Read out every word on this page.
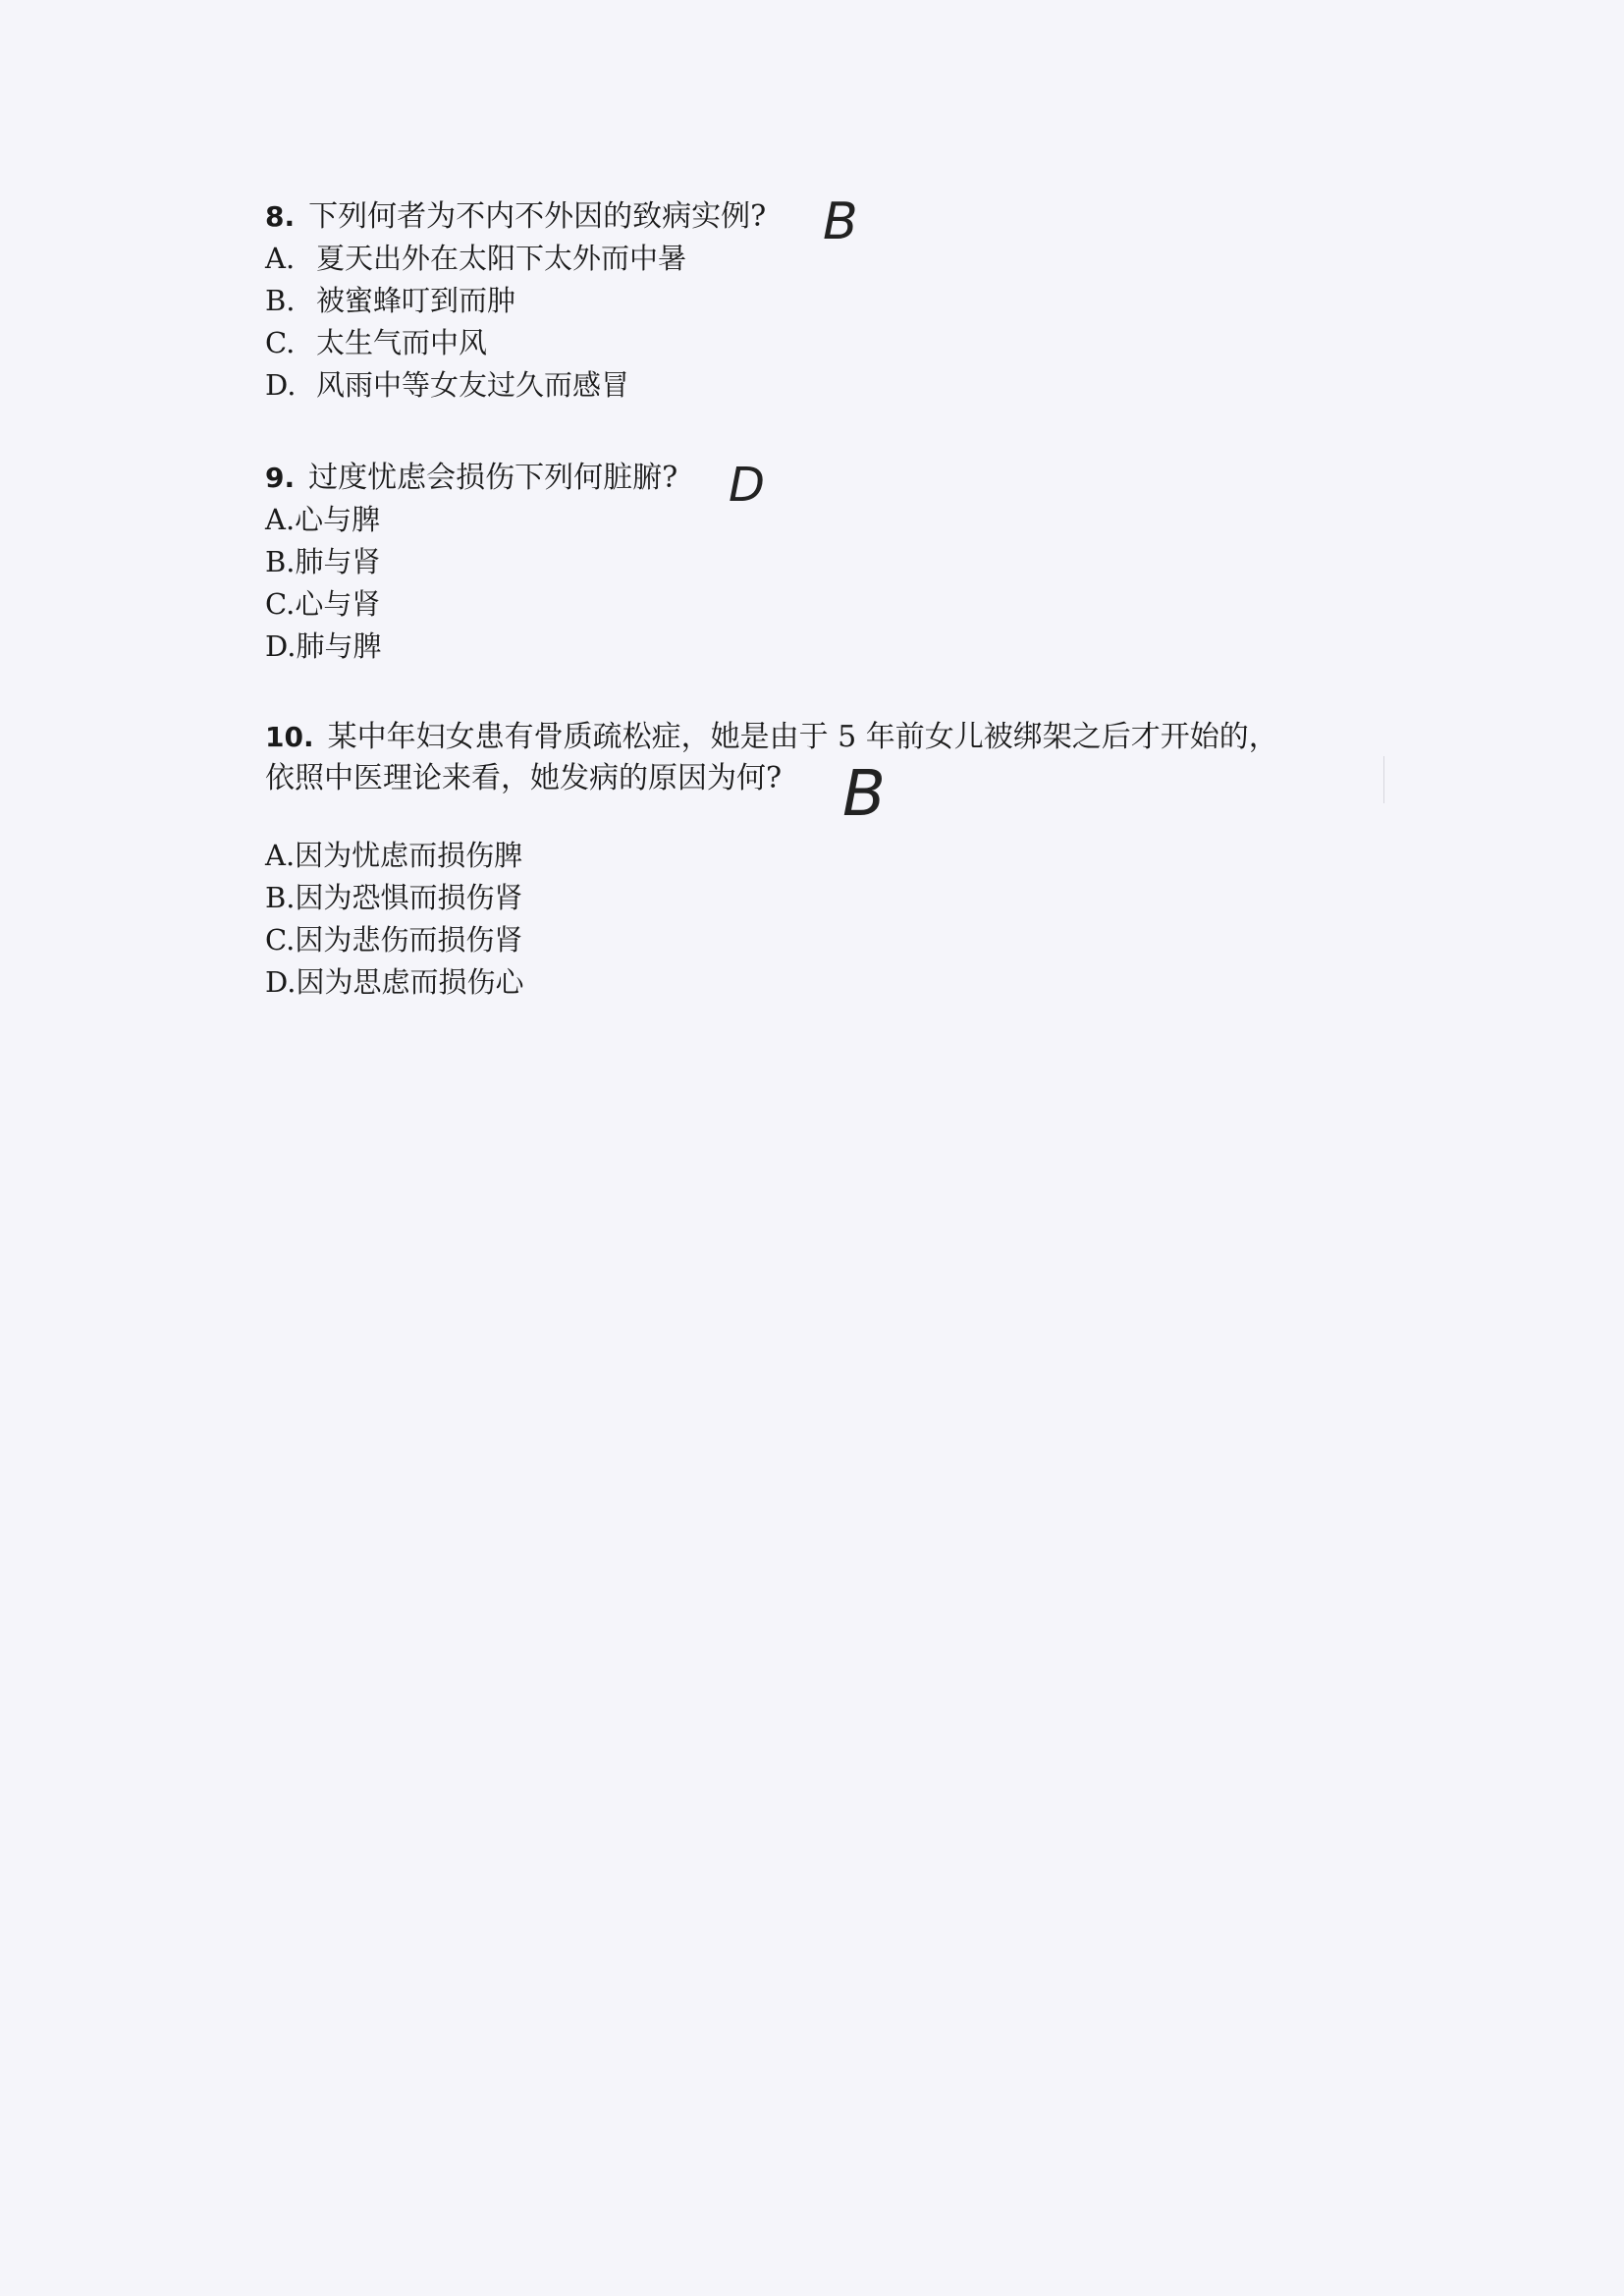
8. 下列何者为不内不外因的致病实例?
A. 夏天出外在太阳下太外而中暑
B. 被蜜蜂叮到而肿
C. 太生气而中风
D. 风雨中等女友过久而感冒
B
9. 过度忧虑会损伤下列何脏腑?
A.心与脾
B.肺与肾
C.心与肾
D.肺与脾
D
10. 某中年妇女患有骨质疏松症，她是由于 5 年前女儿被绑架之后才开始的，
依照中医理论来看，她发病的原因为何?
A.因为忧虑而损伤脾
B.因为恐惧而损伤肾
C.因为悲伤而损伤肾
D.因为思虑而损伤心
B
